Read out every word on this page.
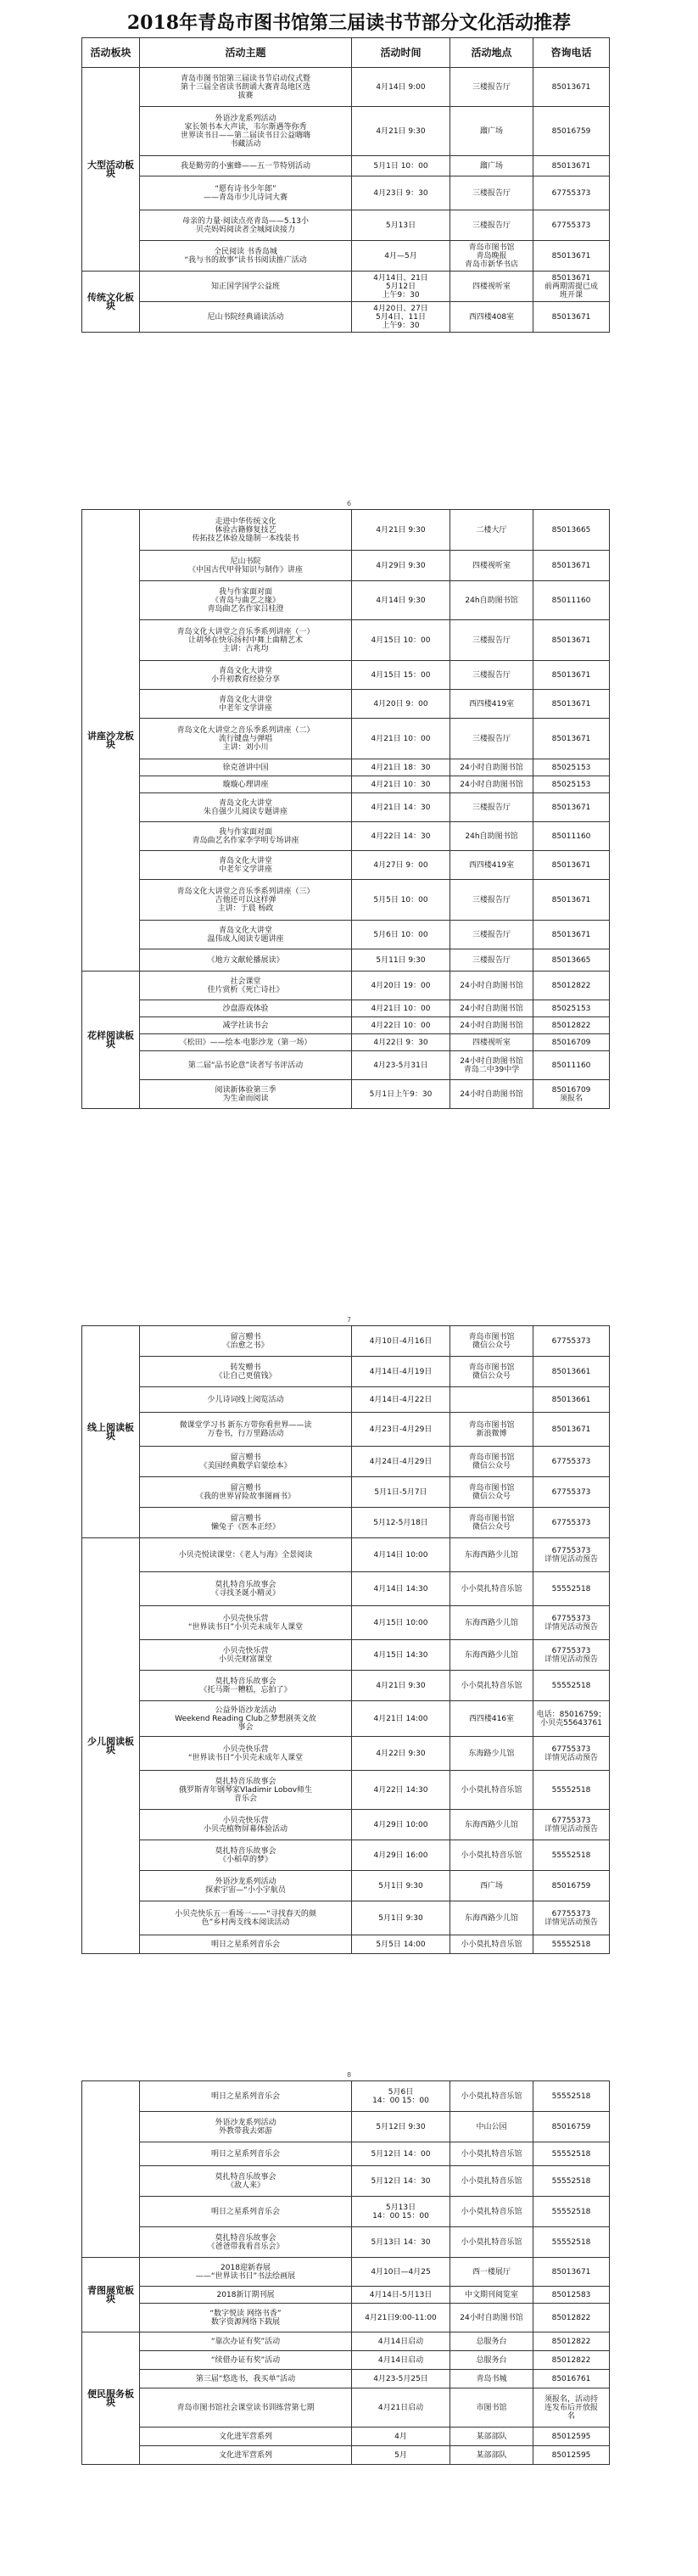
2018年青岛市图书馆第三届读书节部分文化活动推荐
活动板块	活动主题	活动时间	活动地点	咨询电话
大型活动板块	青岛市图书馆第三届读书节启动仪式暨
第十三届全省读书朗诵大赛青岛地区选
拔赛	4月14日 9:00	三楼报告厅	85013671
	外语沙龙系列活动
家长领书本大声读，韦尔斯遇等你秀
世界读书日——第二届读书日公益嗨嗨
书藏活动	4月21日 9:30	蹓广场	85016759
	我是勤劳的小蜜蜂——五一节特别活动	5月1日 10：00	蹓广场	85013671
	“愿有诗书少年郎”
——青岛市少儿诗词大赛	4月23日 9：30	三楼报告厅	67755373
	母亲的力量·阅读点亮青岛——5.13小
贝壳妈妈阅读者全城阅读接力	5月13日	三楼报告厅	67755373
	全民阅读 书香岛城
“我与书的故事”读书书阅读推广活动	4月—5月	青岛市图书馆
青岛晚报
青岛市新华书店	85013671
传统文化板块	知正国学国学公益班	4月14日、21日
5月12日
上午9：30	四楼视听室	85013671
前两期需提已成
班开课
	尼山书院经典诵读活动	4月20日、27日
5月4日、11日
上午9：30	西四楼408室	85013671
6
讲座沙龙板块	走进中华传统文化
体验古籍修复技艺
传拓技艺体验及缝制一本线装书	4月21日 9:30	二楼大厅	85013665
	尼山书院
《中国古代甲骨知识与制作》讲座	4月29日 9:30	四楼视听室	85013671
	我与作家面对面
《青岛与曲艺之缘》
青岛曲艺名作家吕桂澄	4月14日 9:30	24h自助图书馆	85011160
	青岛文化大讲堂之音乐季系列讲座（一）
让胡琴在快乐扬村中舞上曲精艺术
主讲：古兆均	4月15日 10：00	三楼报告厅	85013671
	青岛文化大讲堂
小升初教育经验分享	4月15日 15：00	三楼报告厅	85013671
	青岛文化大讲堂
中老年文学讲座	4月20日 9：00	西四楼419室	85013671
	青岛文化大讲堂之音乐季系列讲座（二）
流行键盘与弹唱
主讲：刘小川	4月21日 10：00	三楼报告厅	85013671
	徐克爸讲中国	4月21日 18：30	24小时自助图书馆	85025153
	璇璇心理讲座	4月21日 10：30	24小时自助图书馆	85025153
	青岛文化大讲堂
朱自强少儿阅读专题讲座	4月21日 14：30	三楼报告厅	85013671
	我与作家面对面
青岛曲艺名作家李学明专场讲座	4月22日 14：30	24h自助图书馆	85011160
	青岛文化大讲堂
中老年文学讲座	4月27日 9：00	西四楼419室	85013671
	青岛文化大讲堂之音乐季系列讲座（三）
吉他还可以这样弹
主讲：于晨 杨政	5月5日 10：00	三楼报告厅	85013671
	青岛文化大讲堂
温伟成人阅读专题讲座	5月6日 10：00	三楼报告厅	85013671
	《地方文献轮播展读》	5月11日 9:30	三楼报告厅	85013665
花样阅读板块	社会课堂
佳片赏析《死亡诗社》	4月20日 19：00	24小时自助图书馆	85012822
	沙盘游戏体验	4月21日 10：00	24小时自助图书馆	85025153
	减学社读书会	4月22日 10：00	24小时自助图书馆	85012822
	《松田》——绘本·电影沙龙（第一场）	4月22日 9：30	四楼视听室	85016709
	第二届“品书论意”读者写书评活动	4月23-5月31日	24小时自助图书馆
青岛二中39中学	85011160
	阅读新体验第三季
为生命而阅读	5月1日上午9：30	24小时自助图书馆	85016709
须报名
7
线上阅读板块	留言赠书
《治愈之书》	4月10日-4月16日	青岛市图书馆
微信公众号	67755373
	转发赠书
《让自己更值钱》	4月14日-4月19日	青岛市图书馆
微信公众号	85013661
	少儿诗词线上阅览活动	4月14日-4月22日		85013661
	微课堂学习书 新东方带你看世界——读
万卷书，行万里路活动	4月23日-4月29日	青岛市图书馆
新浪微博	85013671
	留言赠书
《美国经典数学启蒙绘本》	4月24日-4月29日	青岛市图书馆
微信公众号	67755373
	留言赠书
《我的世界冒险故事图画书》	5月1日-5月7日	青岛市图书馆
微信公众号	67755373
	留言赠书
懒兔子《医本正经》	5月12-5月18日	青岛市图书馆
微信公众号	67755373
少儿阅读板块	小贝壳悦读课堂：《老人与海》全景阅读	4月14日 10:00	东海西路少儿馆	67755373
详情见活动预告
	莫扎特音乐故事会
《寻找圣诞小精灵》	4月14日 14:30	小小莫扎特音乐馆	55552518
	小贝壳快乐营
“世界读书日”小贝壳未成年人课堂	4月15日 10:00	东海西路少儿馆	67755373
详情见活动预告
	小贝壳快乐营
小贝壳财富课堂	4月15日 14:30	东海西路少儿馆	67755373
详情见活动预告
	莫扎特音乐故事会
《托马斯一糟糕，忘拍了》	4月21日 9:30	小小莫扎特音乐馆	55552518
	公益外语沙龙活动
Weekend Reading Club之梦想剧英文故
事会	4月21日 14:00	西四楼416室	电话：85016759；
小贝壳55643761
	小贝壳快乐营
“世界读书日”小贝壳未成年人课堂	4月22日 9:30	东海路少儿馆	67755373
详情见活动预告
	莫扎特音乐故事会
俄罗斯青年钢琴家Vladimir Lobov师生
音乐会	4月22日 14:30	小小莫扎特音乐馆	55552518
	小贝壳快乐营
小贝壳植物屏幕体验活动	4月29日 10:00	东海西路少儿馆	67755373
详情见活动预告
	莫扎特音乐故事会
《小稻草的梦》	4月29日 16:00	小小莫扎特音乐馆	55552518
	外语沙龙系列活动
探索宇宙—“小小宇航员	5月1日 9:30	西广场	85016759
	小贝壳快乐五一看场一——“寻找春天的颜
色”乡村两支线本阅读活动	5月1日 9:30	东海西路少儿馆	67755373
详情见活动预告
	明日之星系列音乐会	5月5日 14:00	小小莫扎特音乐馆	55552518
8
	明日之星系列音乐会	5月6日
14：00 15：00	小小莫扎特音乐馆	55552518
	外语沙龙系列活动
外教带我去郊游	5月12日 9:30	中山公园	85016759
	明日之星系列音乐会	5月12日 14：00	小小莫扎特音乐馆	55552518
	莫扎特音乐故事会
《敌人来》	5月12日 14：30	小小莫扎特音乐馆	55552518
	明日之星系列音乐会	5月13日
14：00 15：00	小小莫扎特音乐馆	55552518
	莫扎特音乐故事会
《爸爸带我看音乐会》	5月13日 14：30	小小莫扎特音乐馆	55552518
青图展览板块	2018迎新春展
——“世界读书日”书法绘画展	4月10日—4月25	西一楼展厅	85013671
	2018新订期刊展	4月14日-5月13日	中文期刊阅览室	85012583
	“数字悦读 网络书香”
数字资源网络下载展	4月21日9:00-11:00	24小时自助图书馆	85012822
便民服务板块	“靠次办证有奖”活动	4月14日启动	总服务台	85012822
	“续借办证有奖”活动	4月14日启动	总服务台	85012822
	第三届“悠选书，我买单”活动	4月23-5月25日	青岛书城	85016761
	青岛市图书馆社会课堂读书训练营第七期	4月21日启动	市图书馆	须报名，活动持
连发布后开放报
名
	文化进军营系列	4月	某部部队	85012595
	文化进军营系列	5月	某部部队	85012595
